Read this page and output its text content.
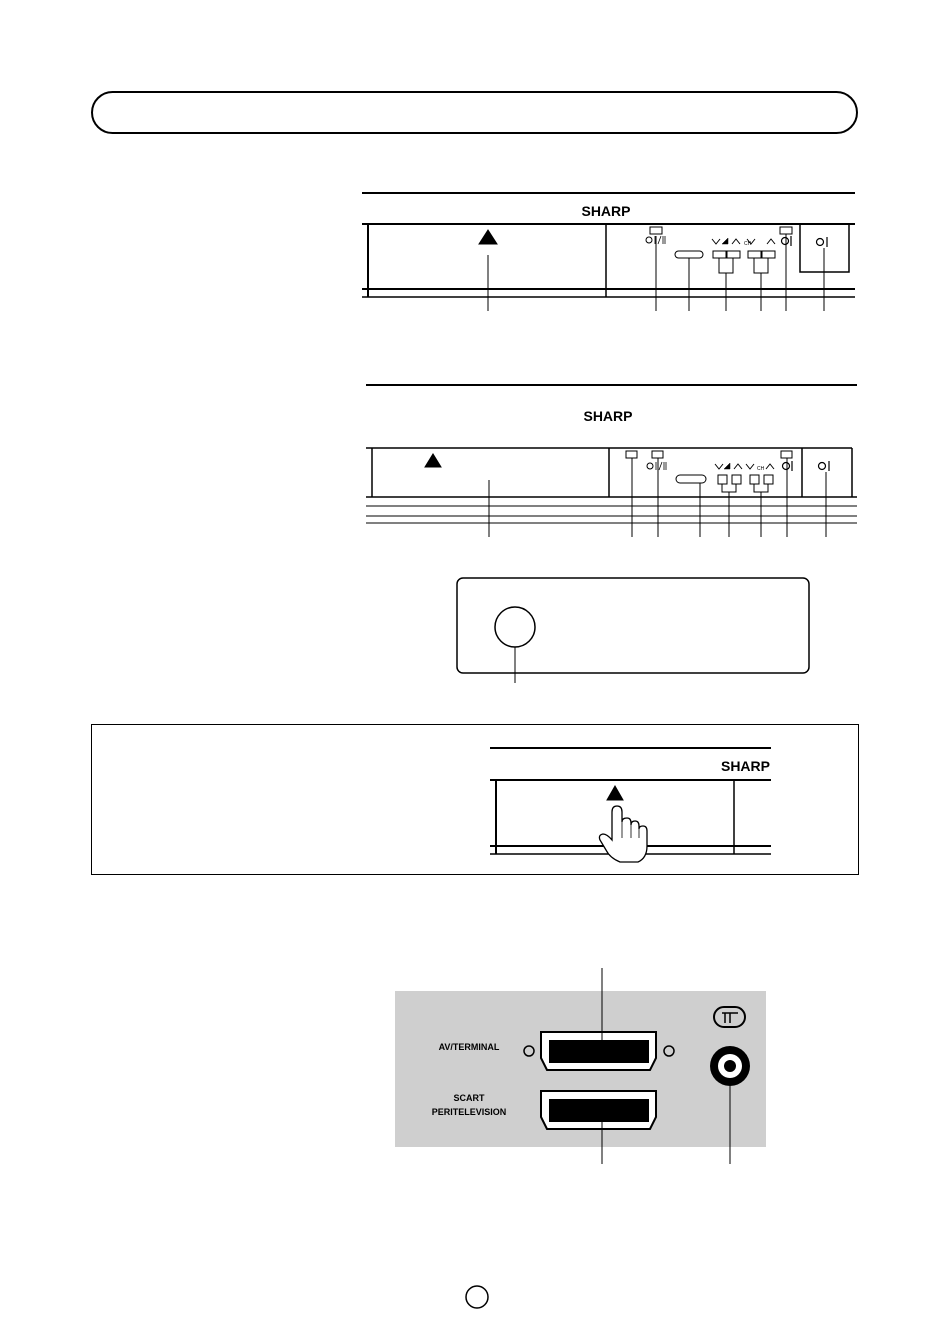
CH
SHARP
CH
SHARP
SHARP
AV/TERMINAL
SCART
PERITELEVISION
